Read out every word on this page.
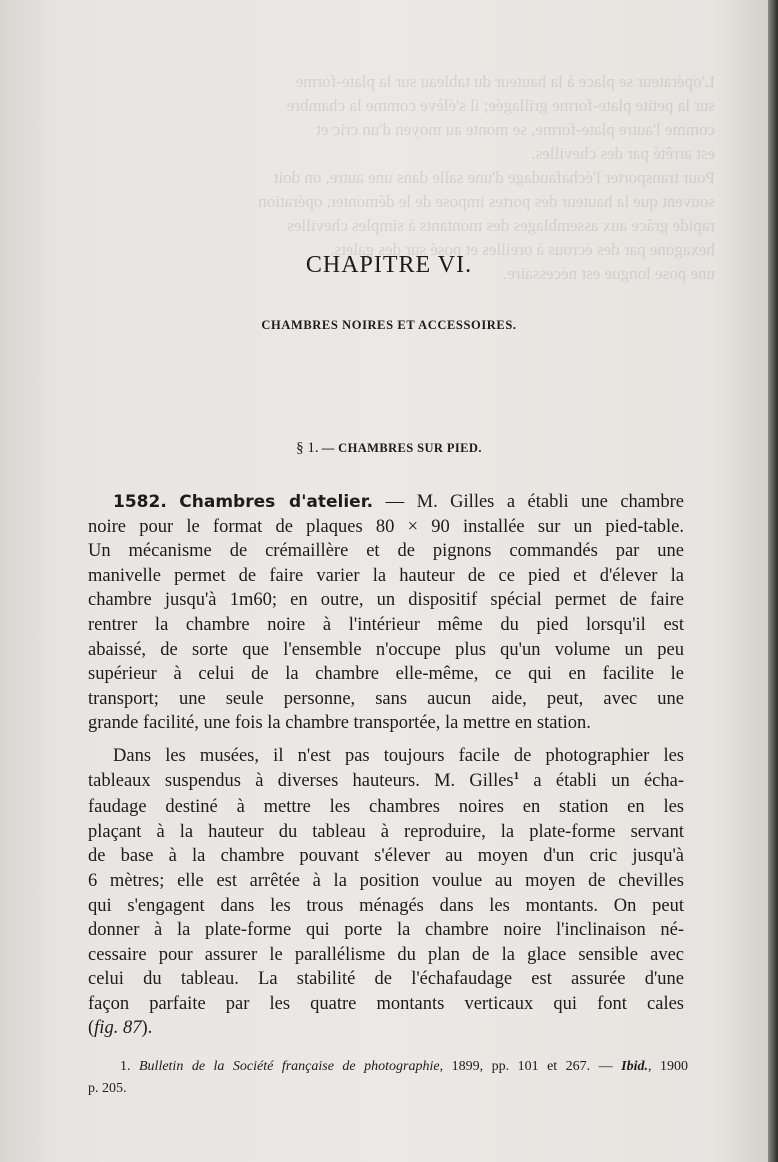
L'opérateur se place à la hauteur du tableau sur la plate-forme
sur la petite plate-forme grillagée; il s'élève comme la chambre
comme l'autre plate-forme, se monte au moyen d'un cric et
est arrêté par des chevilles.
Pour transporter l'échafaudage d'une salle dans une autre, on doit
souvent que la hauteur des portes impose de le démonter, opération
rapide grâce aux assemblages des montants à simples chevilles
hexagone par des écrous à oreilles et posé sur des galets.
une pose longue est nécessaire.
CHAPITRE VI.
CHAMBRES NOIRES ET ACCESSOIRES.
§ 1. — CHAMBRES SUR PIED.
1582. Chambres d'atelier. — M. Gilles a établi une chambre
noire pour le format de plaques 80 × 90 installée sur un pied-table.
Un mécanisme de crémaillère et de pignons commandés par une
manivelle permet de faire varier la hauteur de ce pied et d'élever la
chambre jusqu'à 1m60; en outre, un dispositif spécial permet de faire
rentrer la chambre noire à l'intérieur même du pied lorsqu'il est
abaissé, de sorte que l'ensemble n'occupe plus qu'un volume un peu
supérieur à celui de la chambre elle-même, ce qui en facilite le
transport; une seule personne, sans aucun aide, peut, avec une
grande facilité, une fois la chambre transportée, la mettre en station.
Dans les musées, il n'est pas toujours facile de photographier les
tableaux suspendus à diverses hauteurs. M. Gilles$^1$ a établi un écha-
faudage destiné à mettre les chambres noires en station en les
plaçant à la hauteur du tableau à reproduire, la plate-forme servant
de base à la chambre pouvant s'élever au moyen d'un cric jusqu'à
6 mètres; elle est arrêtée à la position voulue au moyen de chevilles
qui s'engagent dans les trous ménagés dans les montants. On peut
donner à la plate-forme qui porte la chambre noire l'inclinaison né-
cessaire pour assurer le parallélisme du plan de la glace sensible avec
celui du tableau. La stabilité de l'échafaudage est assurée d'une
façon parfaite par les quatre montants verticaux qui font cales
(fig. 87).
1. Bulletin de la Société française de photographie, 1899, pp. 101 et 267. — Ibid., 1900
p. 205.
